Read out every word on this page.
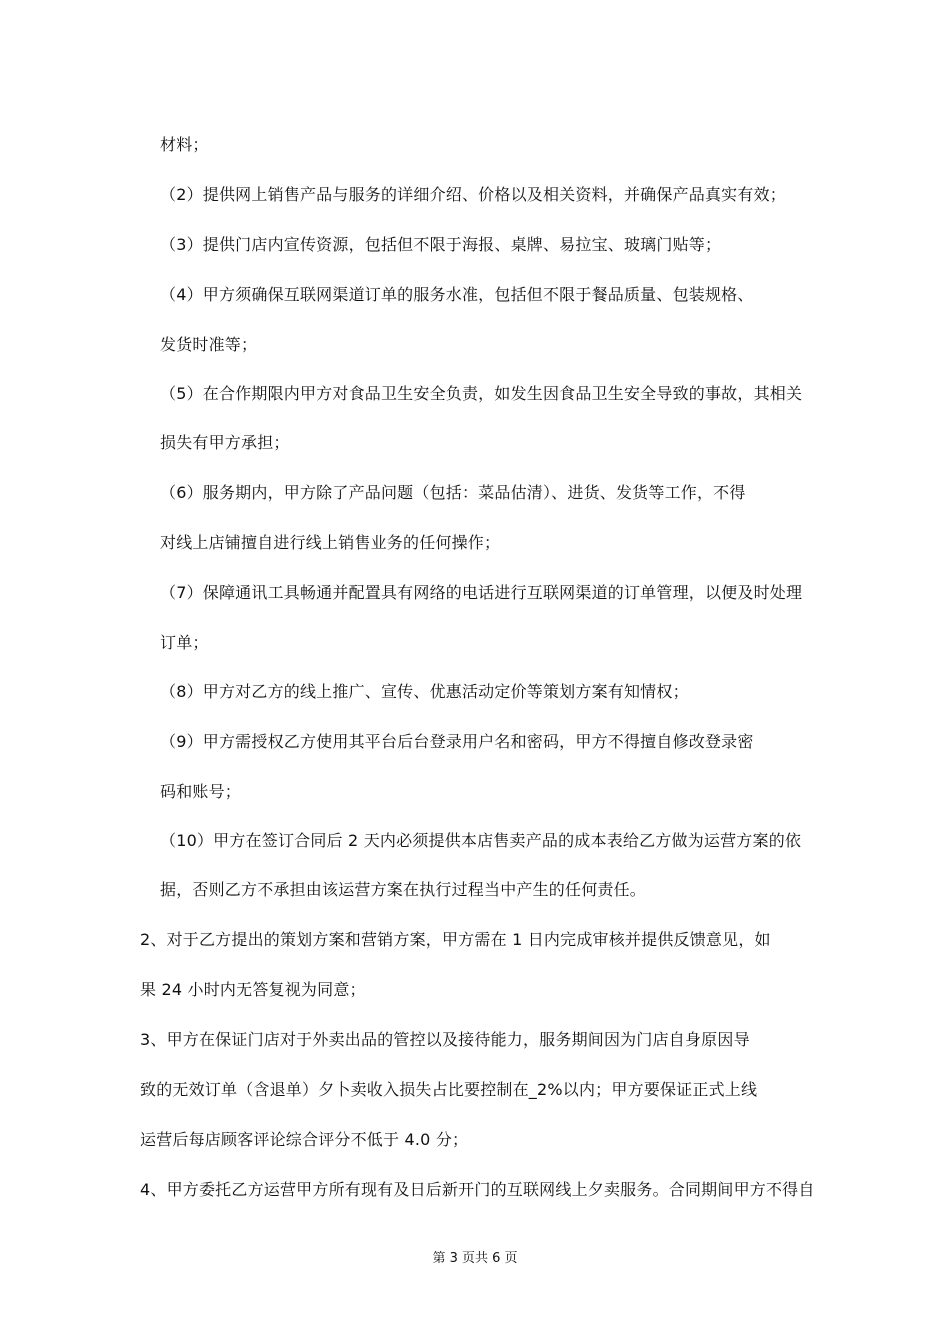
材料；
（2）提供网上销售产品与服务的详细介绍、价格以及相关资料，并确保产品真实有效；
（3）提供门店内宣传资源，包括但不限于海报、桌牌、易拉宝、玻璃门贴等；
（4）甲方须确保互联网渠道订单的服务水准，包括但不限于餐品质量、包装规格、
发货时准等；
（5）在合作期限内甲方对食品卫生安全负责，如发生因食品卫生安全导致的事故，其相关
损失有甲方承担；
（6）服务期内，甲方除了产品问题（包括：菜品估清）、进货、发货等工作，不得
对线上店铺擅自进行线上销售业务的任何操作；
（7）保障通讯工具畅通并配置具有网络的电话进行互联网渠道的订单管理，以便及时处理
订单；
（8）甲方对乙方的线上推广、宣传、优惠活动定价等策划方案有知情权；
（9）甲方需授权乙方使用其平台后台登录用户名和密码，甲方不得擅自修改登录密
码和账号；
（10）甲方在签订合同后 2 天内必须提供本店售卖产品的成本表给乙方做为运营方案的依
据，否则乙方不承担由该运营方案在执行过程当中产生的任何责任。
2、对于乙方提出的策划方案和营销方案，甲方需在 1 日内完成审核并提供反馈意见，如
果 24 小时内无答复视为同意；
3、甲方在保证门店对于外卖出品的管控以及接待能力，服务期间因为门店自身原因导
致的无效订单（含退单）夕卜卖收入损失占比要控制在_2%以内；甲方要保证正式上线
运营后每店顾客评论综合评分不低于 4.0 分；
4、甲方委托乙方运营甲方所有现有及日后新开门的互联网线上夕卖服务。合同期间甲方不得自
第 3 页共 6 页
